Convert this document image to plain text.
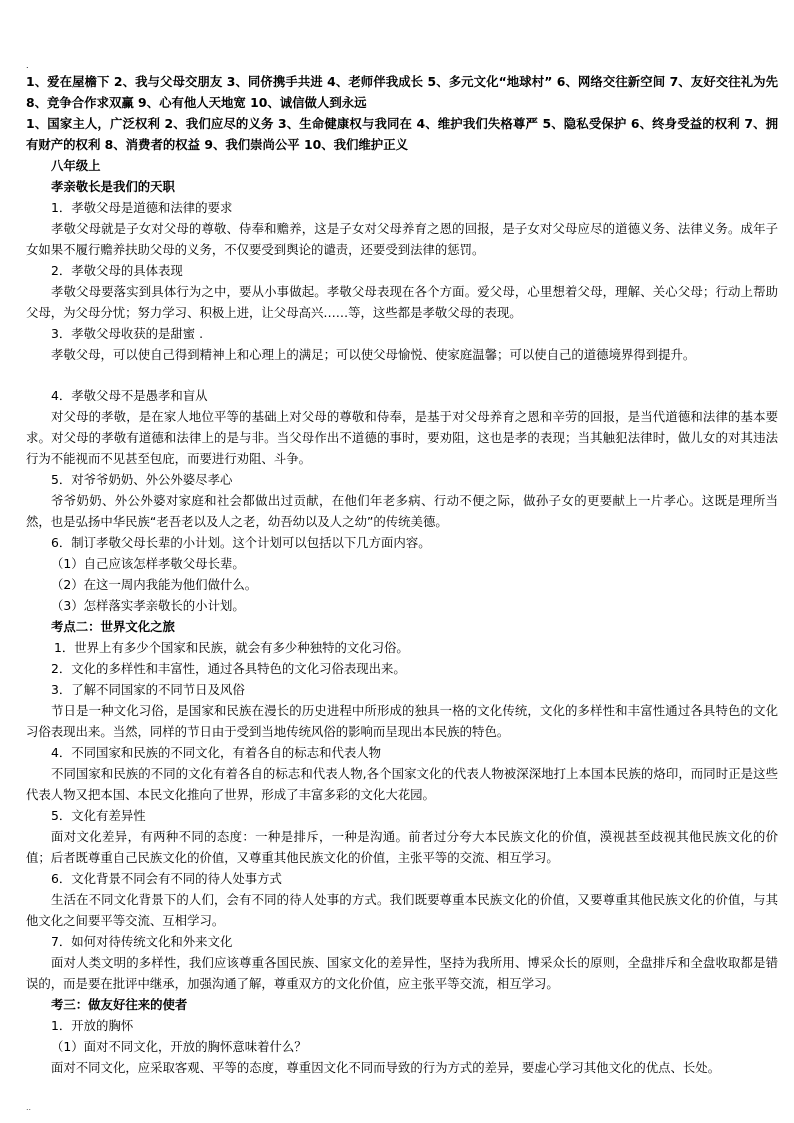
.

1、爱在屋檐下 2、我与父母交朋友 3、同侪携手共进 4、老师伴我成长 5、多元文化“地球村” 6、网络交往新空间 7、友好交往礼为先 8、竞争合作求双赢 9、心有他人天地宽 10、诚信做人到永远

1、国家主人，广泛权利 2、我们应尽的义务 3、生命健康权与我同在 4、维护我们失格尊严 5、隐私受保护 6、终身受益的权利 7、拥有财产的权利 8、消费者的权益 9、我们崇尚公平 10、我们维护正义

八年级上

孝亲敬长是我们的天职

1．孝敬父母是道德和法律的要求

孝敬父母就是子女对父母的尊敬、侍奉和赡养，这是子女对父母养育之恩的回报，是子女对父母应尽的道德义务、法律义务。成年子女如果不履行赡养扶助父母的义务，不仅要受到舆论的谴责，还要受到法律的惩罚。

2．孝敬父母的具体表现

孝敬父母要落实到具体行为之中，要从小事做起。孝敬父母表现在各个方面。爱父母，心里想着父母，理解、关心父母；行动上帮助父母，为父母分忧；努力学习、积极上进，让父母高兴……等，这些都是孝敬父母的表现。

3．孝敬父母收获的是甜蜜 .

孝敬父母，可以使自己得到精神上和心理上的满足；可以使父母愉悦、使家庭温馨；可以使自己的道德境界得到提升。

4．孝敬父母不是愚孝和盲从

对父母的孝敬，是在家人地位平等的基础上对父母的尊敬和侍奉，是基于对父母养育之恩和辛劳的回报，是当代道德和法律的基本要求。对父母的孝敬有道德和法律上的是与非。当父母作出不道德的事时，要劝阻，这也是孝的表现；当其触犯法律时，做儿女的对其违法行为不能视而不见甚至包庇，而要进行劝阻、斗争。

5．对爷爷奶奶、外公外婆尽孝心

爷爷奶奶、外公外婆对家庭和社会都做出过贡献，在他们年老多病、行动不便之际，做孙子女的更要献上一片孝心。这既是理所当然，也是弘扬中华民族“老吾老以及人之老，幼吾幼以及人之幼”的传统美德。

6．制订孝敬父母长辈的小计划。这个计划可以包括以下几方面内容。

（1）自己应该怎样孝敬父母长辈。

（2）在这一周内我能为他们做什么。

（3）怎样落实孝亲敬长的小计划。

考点二：世界文化之旅

1．世界上有多少个国家和民族，就会有多少种独特的文化习俗。

2．文化的多样性和丰富性，通过各具特色的文化习俗表现出来。

3．了解不同国家的不同节日及风俗

节日是一种文化习俗，是国家和民族在漫长的历史进程中所形成的独具一格的文化传统，文化的多样性和丰富性通过各具特色的文化习俗表现出来。当然，同样的节日由于受到当地传统风俗的影响而呈现出本民族的特色。

4．不同国家和民族的不同文化，有着各自的标志和代表人物

不同国家和民族的不同的文化有着各自的标志和代表人物,各个国家文化的代表人物被深深地打上本国本民族的烙印，而同时正是这些代表人物又把本国、本民文化推向了世界，形成了丰富多彩的文化大花园。

5．文化有差异性

面对文化差异，有两种不同的态度：一种是排斥，一种是沟通。前者过分夸大本民族文化的价值，漠视甚至歧视其他民族文化的价值；后者既尊重自己民族文化的价值，又尊重其他民族文化的价值，主张平等的交流、相互学习。

6．文化背景不同会有不同的待人处事方式

生活在不同文化背景下的人们，会有不同的待人处事的方式。我们既要尊重本民族文化的价值，又要尊重其他民族文化的价值，与其他文化之间要平等交流、互相学习。

7．如何对待传统文化和外来文化

面对人类文明的多样性，我们应该尊重各国民族、国家文化的差异性，坚持为我所用、博采众长的原则，全盘排斥和全盘收取都是错误的，而是要在批评中继承，加强沟通了解，尊重双方的文化价值，应主张平等交流，相互学习。

考三：做友好往来的使者

1．开放的胸怀

（1）面对不同文化，开放的胸怀意味着什么？

面对不同文化，应采取客观、平等的态度，尊重因文化不同而导致的行为方式的差异，要虚心学习其他文化的优点、长处。

..
